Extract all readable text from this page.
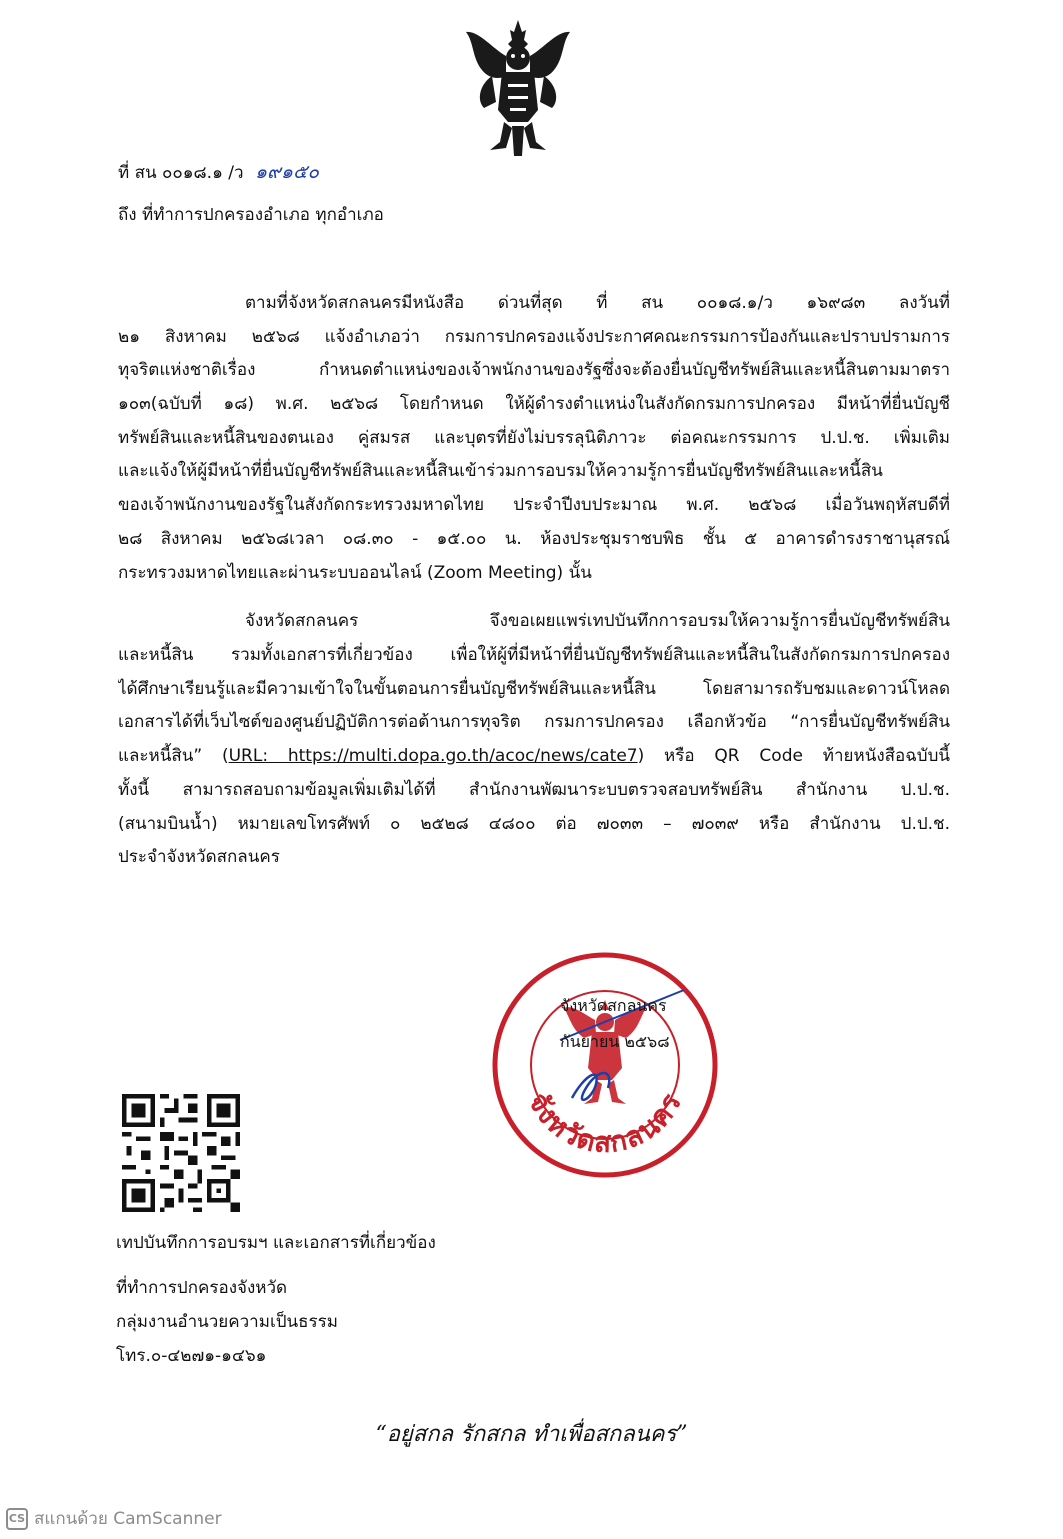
ที่ สน ๐๐๑๘.๑ /ว ๑๙๑๕๐
ถึง ที่ทำการปกครองอำเภอ ทุกอำเภอ
ตามที่จังหวัดสกลนครมีหนังสือ ด่วนที่สุด ที่ สน ๐๐๑๘.๑/ว ๑๖๙๘๓ ลงวันที่
๒๑ สิงหาคม ๒๕๖๘ แจ้งอำเภอว่า กรมการปกครองแจ้งประกาศคณะกรรมการป้องกันและปราบปรามการ
ทุจริตแห่งชาติเรื่อง กำหนดตำแหน่งของเจ้าพนักงานของรัฐซึ่งจะต้องยื่นบัญชีทรัพย์สินและหนี้สินตามมาตรา
๑๐๓(ฉบับที่ ๑๘) พ.ศ. ๒๕๖๘ โดยกำหนด ให้ผู้ดำรงตำแหน่งในสังกัดกรมการปกครอง มีหน้าที่ยื่นบัญชี
ทรัพย์สินและหนี้สินของตนเอง คู่สมรส และบุตรที่ยังไม่บรรลุนิติภาวะ ต่อคณะกรรมการ ป.ป.ช. เพิ่มเติม
และแจ้งให้ผู้มีหน้าที่ยื่นบัญชีทรัพย์สินและหนี้สินเข้าร่วมการอบรมให้ความรู้การยื่นบัญชีทรัพย์สินและหนี้สิน
ของเจ้าพนักงานของรัฐในสังกัดกระทรวงมหาดไทย ประจำปีงบประมาณ พ.ศ. ๒๕๖๘ เมื่อวันพฤหัสบดีที่
๒๘ สิงหาคม ๒๕๖๘เวลา ๐๘.๓๐ - ๑๕.๐๐ น. ห้องประชุมราชบพิธ ชั้น ๕ อาคารดำรงราชานุสรณ์
กระทรวงมหาดไทยและผ่านระบบออนไลน์ (Zoom Meeting) นั้น
จังหวัดสกลนคร จึงขอเผยแพร่เทปบันทึกการอบรมให้ความรู้การยื่นบัญชีทรัพย์สิน
และหนี้สิน รวมทั้งเอกสารที่เกี่ยวข้อง เพื่อให้ผู้ที่มีหน้าที่ยื่นบัญชีทรัพย์สินและหนี้สินในสังกัดกรมการปกครอง
ได้ศึกษาเรียนรู้และมีความเข้าใจในขั้นตอนการยื่นบัญชีทรัพย์สินและหนี้สิน โดยสามารถรับชมและดาวน์โหลด
เอกสารได้ที่เว็บไซต์ของศูนย์ปฏิบัติการต่อต้านการทุจริต กรมการปกครอง เลือกหัวข้อ “การยื่นบัญชีทรัพย์สิน
และหนี้สิน” (URL: https://multi.dopa.go.th/acoc/news/cate7) หรือ QR Code ท้ายหนังสือฉบับนี้
ทั้งนี้ สามารถสอบถามข้อมูลเพิ่มเติมได้ที่ สำนักงานพัฒนาระบบตรวจสอบทรัพย์สิน สำนักงาน ป.ป.ช.
(สนามบินน้ำ) หมายเลขโทรศัพท์ ๐ ๒๕๒๘ ๔๘๐๐ ต่อ ๗๐๓๓ – ๗๐๓๙ หรือ สำนักงาน ป.ป.ช.
ประจำจังหวัดสกลนคร
จังหวัดสกลนคร
จังหวัดสกลนคร
กันยายน ๒๕๖๘
เทปบันทึกการอบรมฯ และเอกสารที่เกี่ยวข้อง
ที่ทำการปกครองจังหวัด
กลุ่มงานอำนวยความเป็นธรรม
โทร.๐-๔๒๗๑-๑๔๖๑
“อยู่สกล รักสกล ทำเพื่อสกลนคร”
CS สแกนด้วย CamScanner
